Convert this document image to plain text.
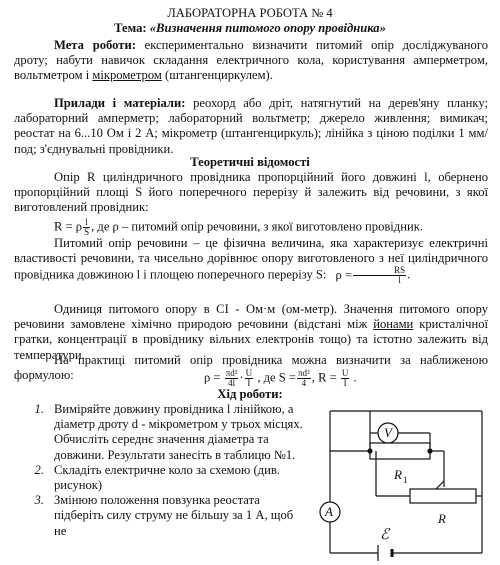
ЛАБОРАТОРНА РОБОТА № 4
Тема: «Визначення питомого опору провідника»
Мета роботи: експериментально визначити питомий опір досліджуваного дроту; набути навичок складання електричного кола, користування амперметром, вольтметром і мікрометром (штангенциркулем).
Прилади і матеріали: реохорд або дріт, натягнутий на дерев'яну планку; лабораторний амперметр; лабораторний вольтметр; джерело живлення; вимикач; реостат на 6...10 Ом і 2 А; мікрометр (штангенциркуль); лінійка з ціною поділки 1 мм/под; з'єднувальні провідники.
Теоретичні відомості
Опір R циліндричного провідника пропорційний його довжині l, обернено пропорційний площі S його поперечного перерізу й залежить від речовини, з якої виготовлений провідник:
R = ρ $\frac{l}{S}$ , де ρ – питомий опір речовини, з якої виготовлено провідник.
Питомий опір речовини – це фізична величина, яка характеризує електричні властивості речовини, та чисельно дорівнює опору виготовленого з неї циліндричного провідника довжиною l і площею поперечного перерізу S: $\rho = \frac{RS}{l}$ .
Одиниця питомого опору в СІ - Ом·м (ом-метр). Значення питомого опору речовини замовлене хімічно природою речовини (відстані між йонами кристалічної гратки, концентрації в провіднику вільних електронів тощо) та істотно залежить від температури.
На практиці питомий опір провідника можна визначити за наближеною формулою:	$\rho = \frac{\text{πd²}}{4l} \cdot \frac{U}{I}$ , де $S = \frac{\text{πd²}}{4}$ , $R = \frac{U}{I}$ .
Хід роботи:
1. Виміряйте довжину провідника l лінійкою, а діаметр дроту d - мікрометром у трьох місцях. Обчисліть середнє значення діаметра та довжини. Результати занесіть в таблицю №1.
2. Складіть електричне коло за схемою (див. рисунок)
3. Змінюю положення повзунка реостата підберіть силу струму не більшу за 1 А, щоб не
V
A
R 1
R
ℰ
